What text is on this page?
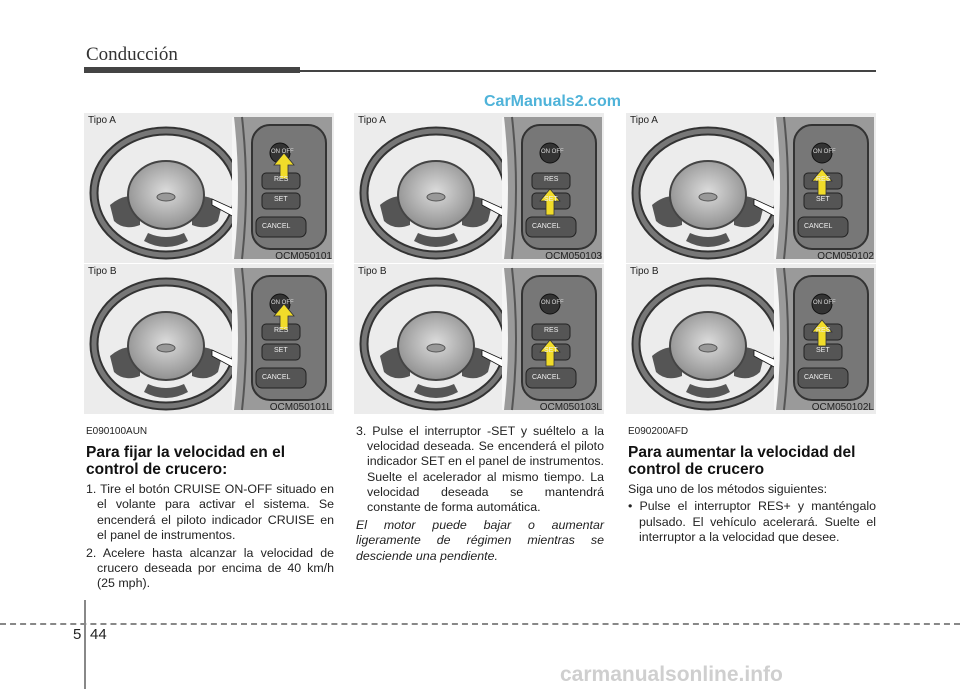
Conducción
CarManuals2.com
ON OFF
RES
SET
CANCEL
Tipo A
OCM050101
ON OFF
RES
SET
CANCEL
Tipo B
OCM050101L
ON OFF
RES
SET
CANCEL
Tipo A
OCM050103
ON OFF
RES
SET
CANCEL
Tipo B
OCM050103L
ON OFF
RES
SET
CANCEL
Tipo A
OCM050102
ON OFF
RES
SET
CANCEL
Tipo B
OCM050102L
E090100AUN
Para fijar la velocidad en el control de crucero:

1. Tire el botón CRUISE ON-OFF situado en el volante para activar el sistema. Se encenderá el piloto indicador CRUISE en el panel de instrumentos.

2. Acelere hasta alcanzar la velocidad de crucero deseada por encima de 40 km/h (25 mph).

3. Pulse el interruptor -SET y suéltelo a la velocidad deseada. Se encenderá el piloto indicador SET en el panel de instrumentos. Suelte el acelerador al mismo tiempo. La velocidad deseada se mantendrá constante de forma automática.

El motor puede bajar o aumentar ligeramente de régimen mientras se desciende una pendiente.
E090200AFD
Para aumentar la velocidad del control de crucero
Siga uno de los métodos siguientes:

• Pulse el interruptor RES+ y manténgalo pulsado. El vehículo acelerará. Suelte el interruptor a la velocidad que desee.

5 44
carmanualsonline.info
